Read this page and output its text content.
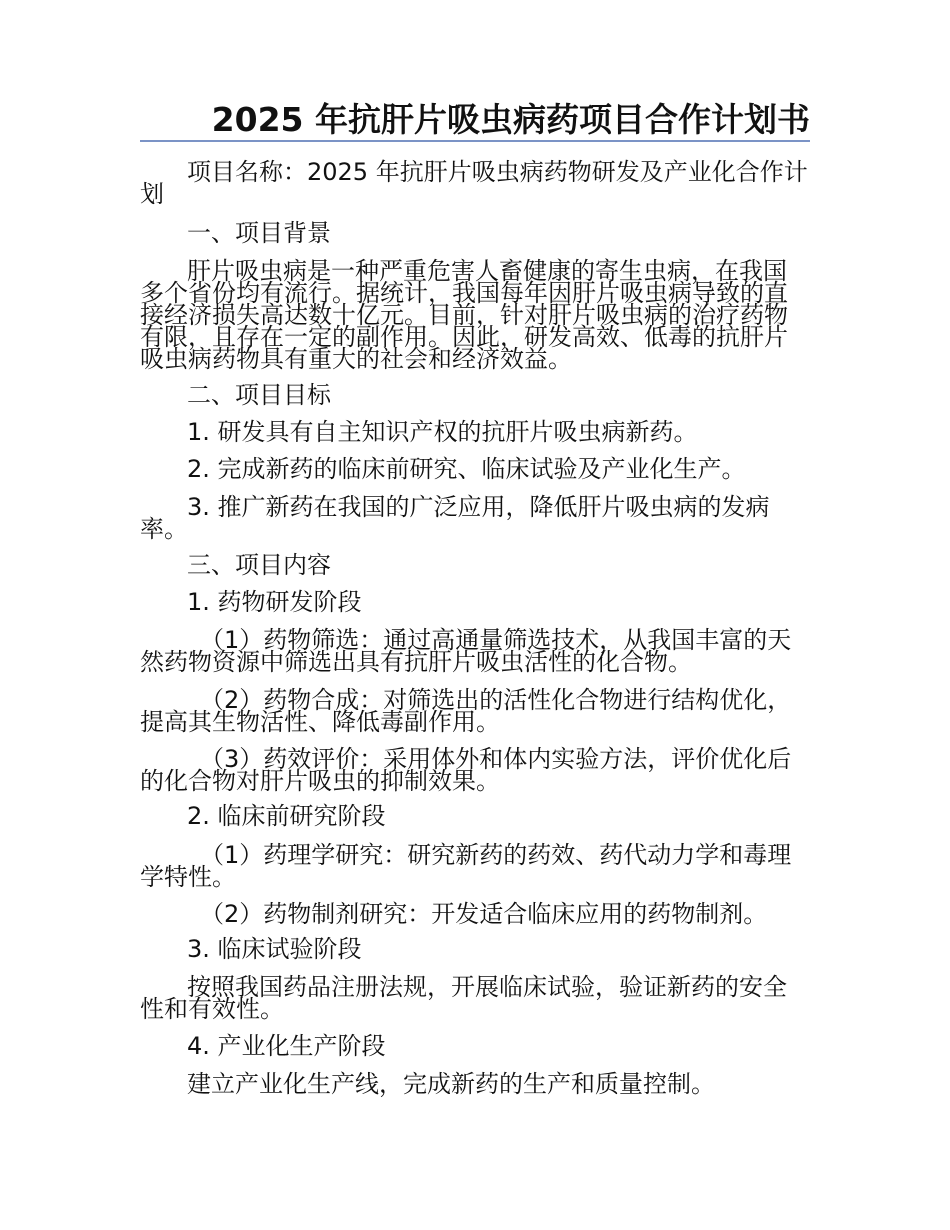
2025 年抗肝片吸虫病药项目合作计划书
项目名称：2025 年抗肝片吸虫病药物研发及产业化合作计划
一、项目背景
肝片吸虫病是一种严重危害人畜健康的寄生虫病，在我国多个省份均有流行。据统计，我国每年因肝片吸虫病导致的直接经济损失高达数十亿元。目前，针对肝片吸虫病的治疗药物有限，且存在一定的副作用。因此，研发高效、低毒的抗肝片吸虫病药物具有重大的社会和经济效益。
二、项目目标
1. 研发具有自主知识产权的抗肝片吸虫病新药。
2. 完成新药的临床前研究、临床试验及产业化生产。
3. 推广新药在我国的广泛应用，降低肝片吸虫病的发病率。
三、项目内容
1. 药物研发阶段
（1）药物筛选：通过高通量筛选技术，从我国丰富的天然药物资源中筛选出具有抗肝片吸虫活性的化合物。
（2）药物合成：对筛选出的活性化合物进行结构优化，提高其生物活性、降低毒副作用。
（3）药效评价：采用体外和体内实验方法，评价优化后的化合物对肝片吸虫的抑制效果。
2. 临床前研究阶段
（1）药理学研究：研究新药的药效、药代动力学和毒理学特性。
（2）药物制剂研究：开发适合临床应用的药物制剂。
3. 临床试验阶段
按照我国药品注册法规，开展临床试验，验证新药的安全性和有效性。
4. 产业化生产阶段
建立产业化生产线，完成新药的生产和质量控制。
